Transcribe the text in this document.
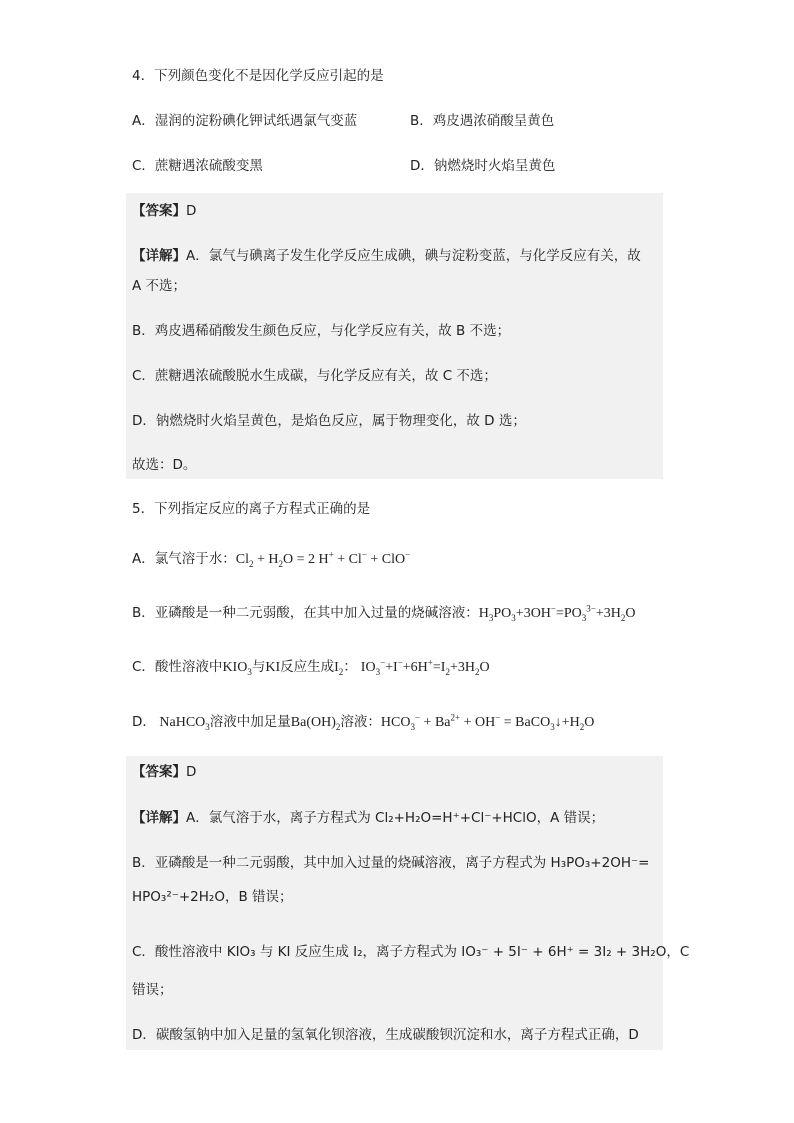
4．下列颜色变化不是因化学反应引起的是
A．湿润的淀粉碘化钾试纸遇氯气变蓝	B．鸡皮遇浓硝酸呈黄色
C．蔗糖遇浓硫酸变黑	D．钠燃烧时火焰呈黄色
【答案】D
【详解】A．氯气与碘离子发生化学反应生成碘，碘与淀粉变蓝，与化学反应有关，故
A 不选；
B．鸡皮遇稀硝酸发生颜色反应，与化学反应有关，故 B 不选；
C．蔗糖遇浓硫酸脱水生成碳，与化学反应有关，故 C 不选；
D．钠燃烧时火焰呈黄色，是焰色反应，属于物理变化，故 D 选；
故选：D。
5．下列指定反应的离子方程式正确的是
A．氯气溶于水：$Cl_2 + H_2O = 2$ H+ + Cl− + ClO−
B．亚磷酸是一种二元弱酸，在其中加入过量的烧碱溶液：$H_3PO_3+3OH^-=PO_3^{3-}+3H_2O$
C．酸性溶液中$KIO_3$与KI反应生成$I_2$： $IO_3^-+I^-+6H^+=I_2+3H_2O$
D． NaHCO$_3$溶液中加足量$Ba(OH)_2$溶液：$HCO_3^- + Ba^{2+} + OH^-$ = $BaCO_3↓+H_2O$
【答案】D
【详解】A．氯气溶于水，离子方程式为 Cl₂+H₂O=H⁺+Cl⁻+HClO，A 错误；
B．亚磷酸是一种二元弱酸，其中加入过量的烧碱溶液，离子方程式为 H₃PO₃+2OH⁻=
HPO₃²⁻+2H₂O，B 错误；
C．酸性溶液中 KIO₃ 与 KI 反应生成 I₂，离子方程式为 IO₃⁻ + 5I⁻ + 6H⁺ = 3I₂ + 3H₂O，C
错误；
D．碳酸氢钠中加入足量的氢氧化钡溶液，生成碳酸钡沉淀和水，离子方程式正确，D
